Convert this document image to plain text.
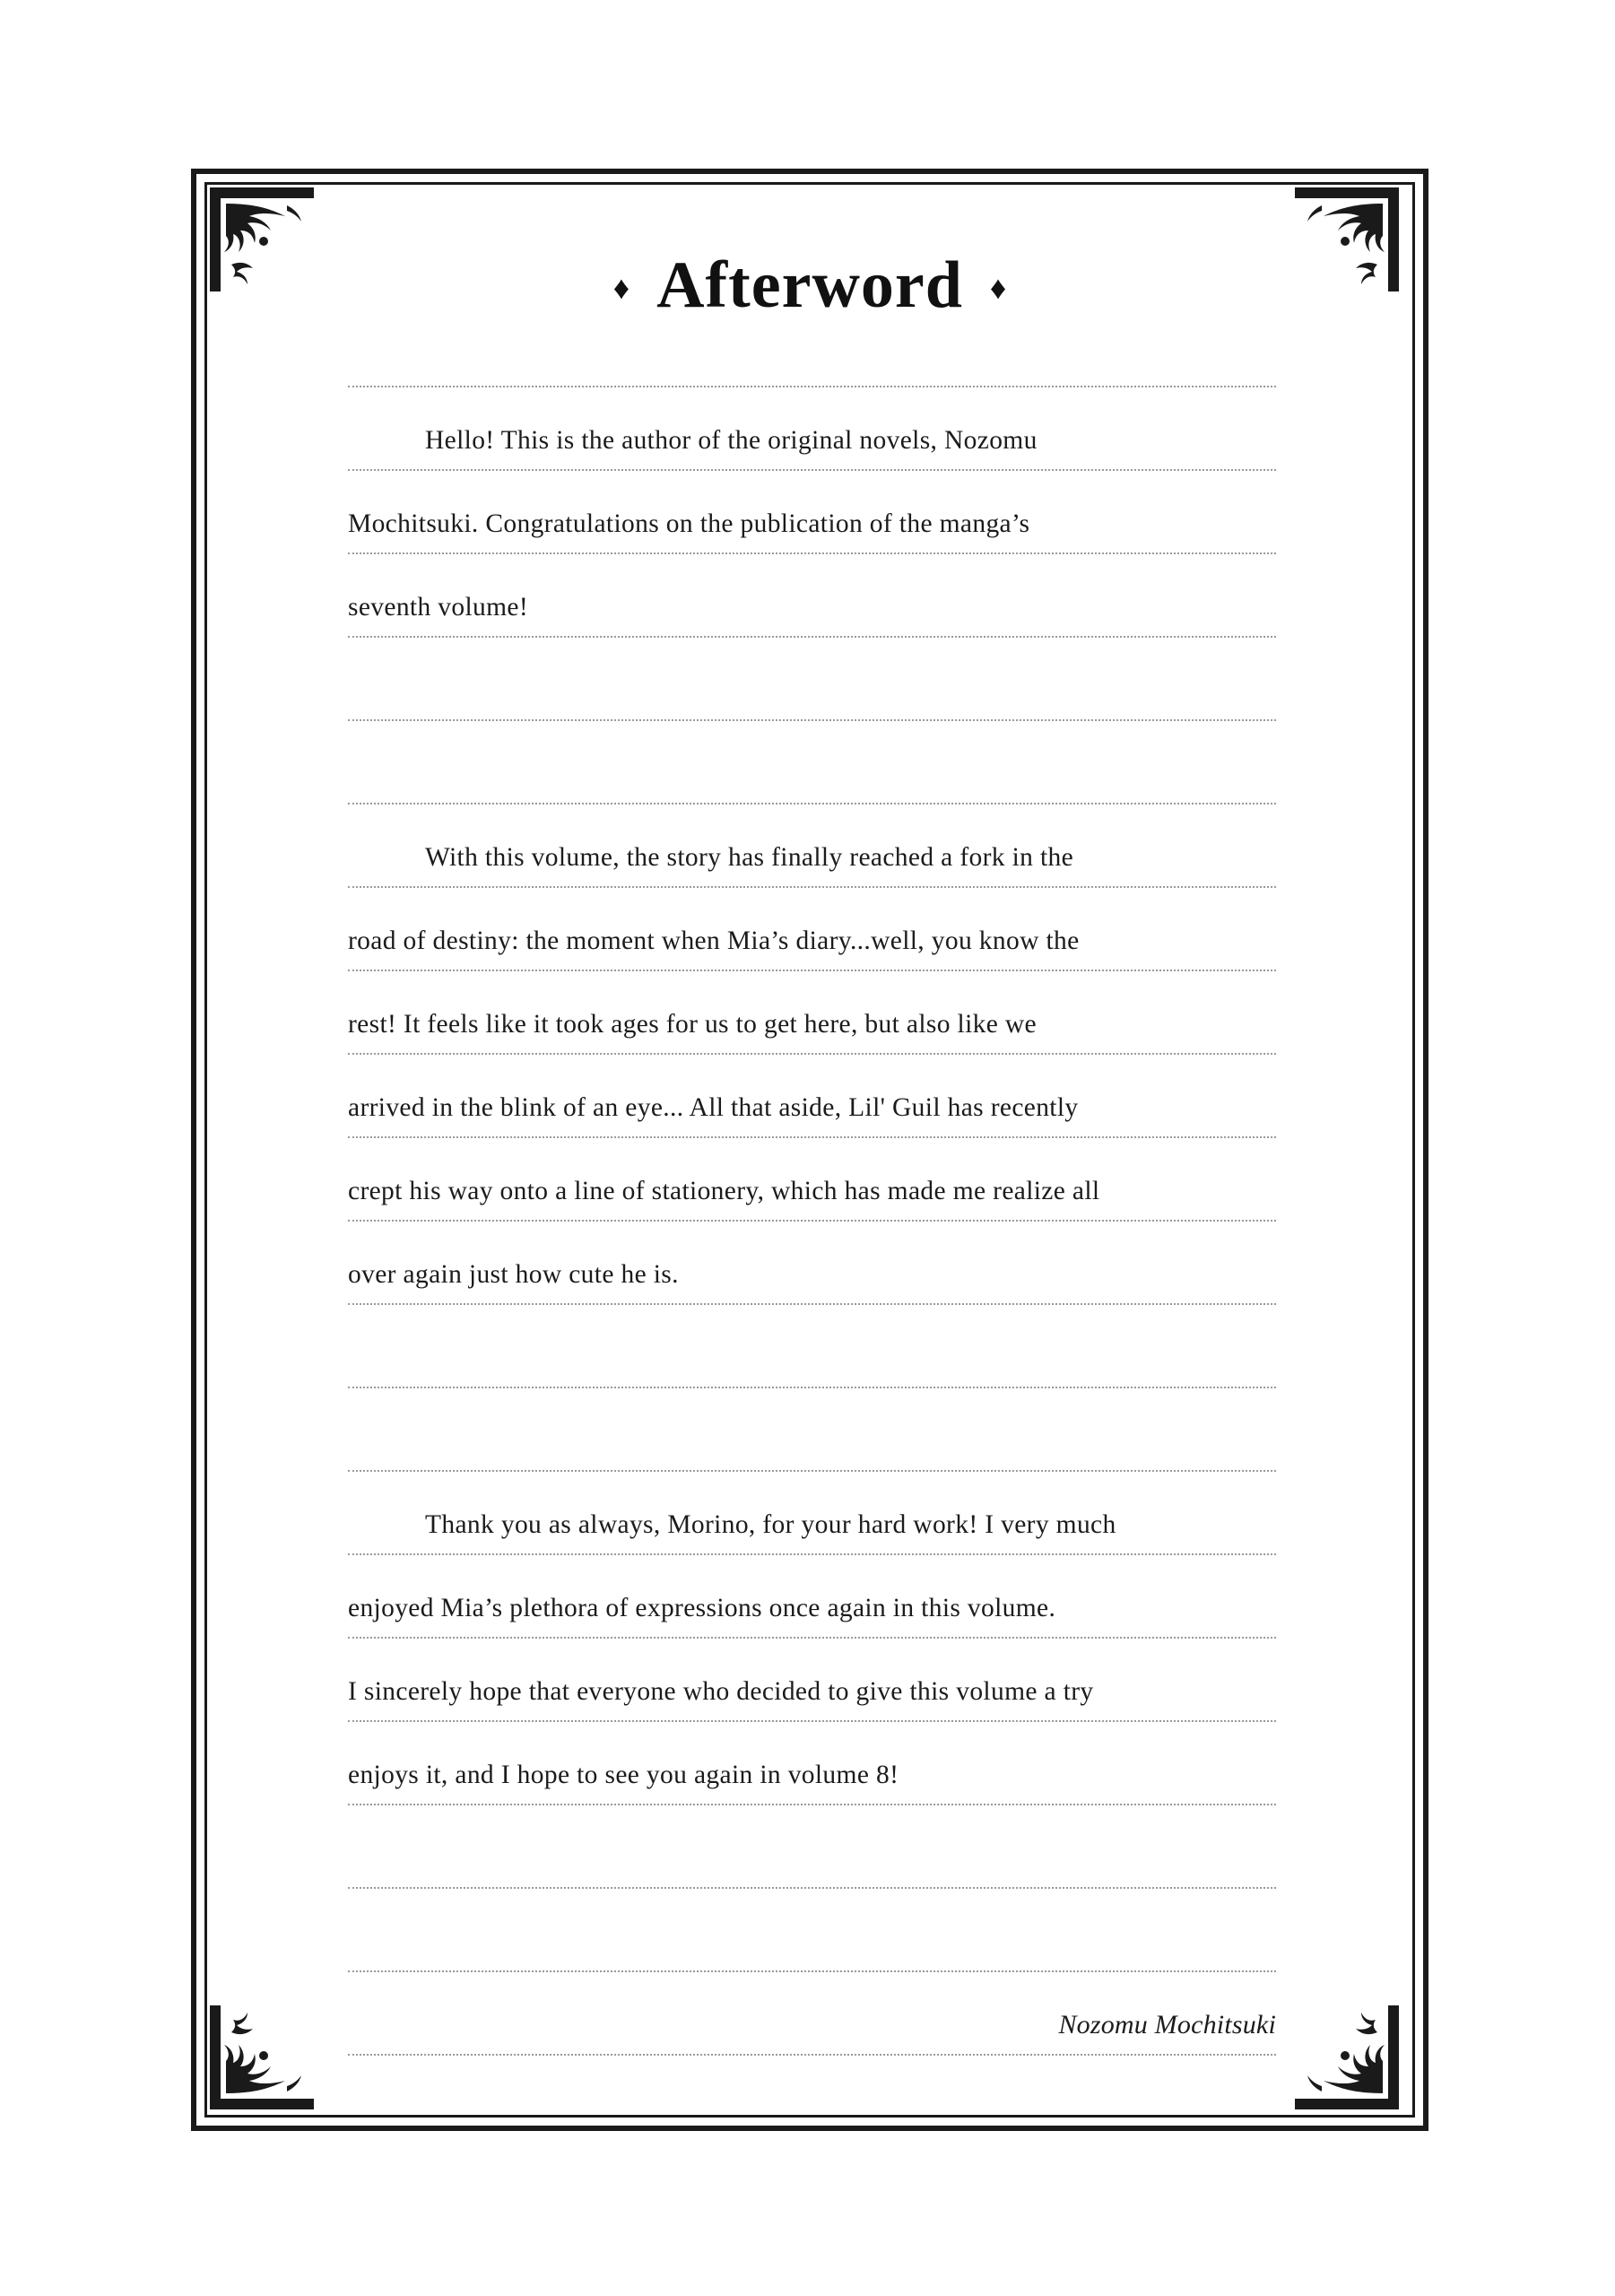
♦ Afterword ♦
Hello! This is the author of the original novels, Nozomu
Mochitsuki. Congratulations on the publication of the manga’s
seventh volume!
With this volume, the story has finally reached a fork in the
road of destiny: the moment when Mia’s diary...well, you know the
rest! It feels like it took ages for us to get here, but also like we
arrived in the blink of an eye... All that aside, Lil' Guil has recently
crept his way onto a line of stationery, which has made me realize all
over again just how cute he is.
Thank you as always, Morino, for your hard work! I very much
enjoyed Mia’s plethora of expressions once again in this volume.
I sincerely hope that everyone who decided to give this volume a try
enjoys it, and I hope to see you again in volume 8!
Nozomu Mochitsuki
